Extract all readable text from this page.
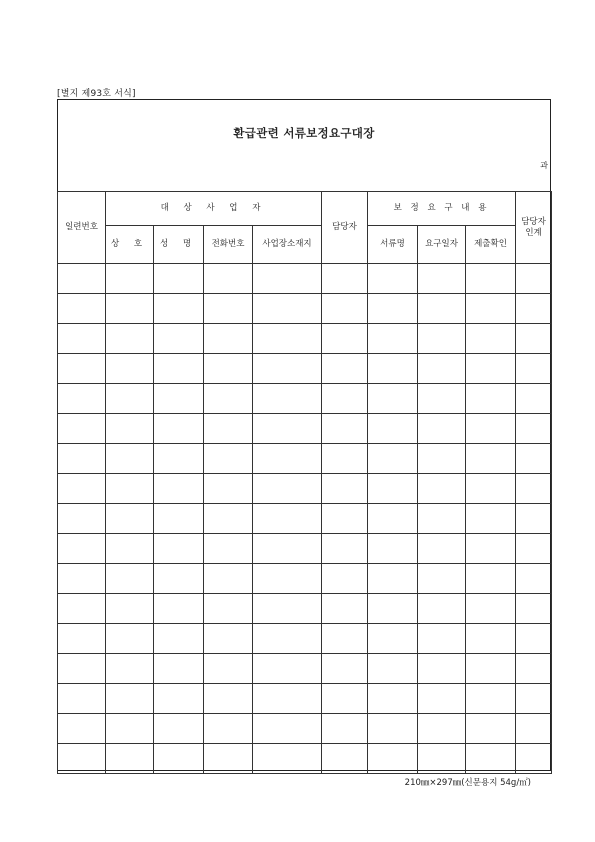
[별지 제93호 서식]
환급관련 서류보정요구대장
과
일련번호	대 상 사 업 자				담당자	보 정 요 구 내 용			담당자 인계
	상 호	성 명	전화번호	사업장소재지		서류명	요구일자	제출확인	

210㎜×297㎜(신문용지 54g/㎡)
